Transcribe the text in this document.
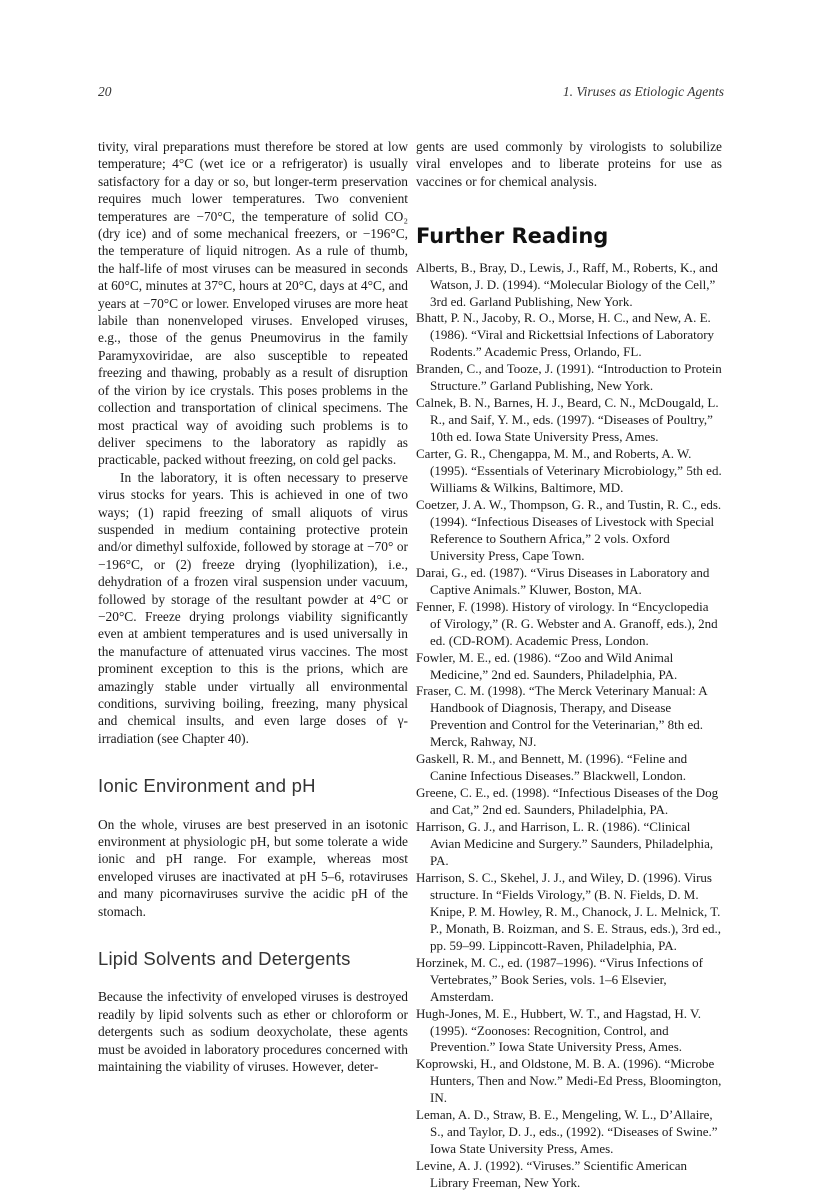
20	1. Viruses as Etiologic Agents

tivity, viral preparations must therefore be stored at low temperature; 4°C (wet ice or a refrigerator) is usually satisfactory for a day or so, but longer-term preservation requires much lower temperatures. Two convenient temperatures are −70°C, the temperature of solid CO₂ (dry ice) and of some mechanical freezers, or −196°C, the temperature of liquid nitrogen. As a rule of thumb, the half-life of most viruses can be measured in seconds at 60°C, minutes at 37°C, hours at 20°C, days at 4°C, and years at −70°C or lower. Enveloped viruses are more heat labile than nonenveloped viruses. Enveloped viruses, e.g., those of the genus Pneumovirus in the family Paramyxoviridae, are also susceptible to repeated freezing and thawing, probably as a result of disruption of the virion by ice crystals. This poses problems in the collection and transportation of clinical specimens. The most practical way of avoiding such problems is to deliver specimens to the laboratory as rapidly as practicable, packed without freezing, on cold gel packs.

In the laboratory, it is often necessary to preserve virus stocks for years. This is achieved in one of two ways; (1) rapid freezing of small aliquots of virus suspended in medium containing protective protein and/or dimethyl sulfoxide, followed by storage at −70° or −196°C, or (2) freeze drying (lyophilization), i.e., dehydration of a frozen viral suspension under vacuum, followed by storage of the resultant powder at 4°C or −20°C. Freeze drying prolongs viability significantly even at ambient temperatures and is used universally in the manufacture of attenuated virus vaccines. The most prominent exception to this is the prions, which are amazingly stable under virtually all environmental conditions, surviving boiling, freezing, many physical and chemical insults, and even large doses of γ-irradiation (see Chapter 40).

Ionic Environment and pH

On the whole, viruses are best preserved in an isotonic environment at physiologic pH, but some tolerate a wide ionic and pH range. For example, whereas most enveloped viruses are inactivated at pH 5–6, rotaviruses and many picornaviruses survive the acidic pH of the stomach.

Lipid Solvents and Detergents

Because the infectivity of enveloped viruses is destroyed readily by lipid solvents such as ether or chloroform or detergents such as sodium deoxycholate, these agents must be avoided in laboratory procedures concerned with maintaining the viability of viruses. However, deter-

gents are used commonly by virologists to solubilize viral envelopes and to liberate proteins for use as vaccines or for chemical analysis.

Further Reading
Alberts, B., Bray, D., Lewis, J., Raff, M., Roberts, K., and Watson, J. D. (1994). “Molecular Biology of the Cell,” 3rd ed. Garland Publishing, New York.
Bhatt, P. N., Jacoby, R. O., Morse, H. C., and New, A. E. (1986). “Viral and Rickettsial Infections of Laboratory Rodents.” Academic Press, Orlando, FL.
Branden, C., and Tooze, J. (1991). “Introduction to Protein Structure.” Garland Publishing, New York.
Calnek, B. N., Barnes, H. J., Beard, C. N., McDougald, L. R., and Saif, Y. M., eds. (1997). “Diseases of Poultry,” 10th ed. Iowa State University Press, Ames.
Carter, G. R., Chengappa, M. M., and Roberts, A. W. (1995). “Essentials of Veterinary Microbiology,” 5th ed. Williams & Wilkins, Baltimore, MD.
Coetzer, J. A. W., Thompson, G. R., and Tustin, R. C., eds. (1994). “Infectious Diseases of Livestock with Special Reference to Southern Africa,” 2 vols. Oxford University Press, Cape Town.
Darai, G., ed. (1987). “Virus Diseases in Laboratory and Captive Animals.” Kluwer, Boston, MA.
Fenner, F. (1998). History of virology. In “Encyclopedia of Virology,” (R. G. Webster and A. Granoff, eds.), 2nd ed. (CD-ROM). Academic Press, London.
Fowler, M. E., ed. (1986). “Zoo and Wild Animal Medicine,” 2nd ed. Saunders, Philadelphia, PA.
Fraser, C. M. (1998). “The Merck Veterinary Manual: A Handbook of Diagnosis, Therapy, and Disease Prevention and Control for the Veterinarian,” 8th ed. Merck, Rahway, NJ.
Gaskell, R. M., and Bennett, M. (1996). “Feline and Canine Infectious Diseases.” Blackwell, London.
Greene, C. E., ed. (1998). “Infectious Diseases of the Dog and Cat,” 2nd ed. Saunders, Philadelphia, PA.
Harrison, G. J., and Harrison, L. R. (1986). “Clinical Avian Medicine and Surgery.” Saunders, Philadelphia, PA.
Harrison, S. C., Skehel, J. J., and Wiley, D. (1996). Virus structure. In “Fields Virology,” (B. N. Fields, D. M. Knipe, P. M. Howley, R. M., Chanock, J. L. Melnick, T. P., Monath, B. Roizman, and S. E. Straus, eds.), 3rd ed., pp. 59–99. Lippincott-Raven, Philadelphia, PA.
Horzinek, M. C., ed. (1987–1996). “Virus Infections of Vertebrates,” Book Series, vols. 1–6 Elsevier, Amsterdam.
Hugh-Jones, M. E., Hubbert, W. T., and Hagstad, H. V. (1995). “Zoonoses: Recognition, Control, and Prevention.” Iowa State University Press, Ames.
Koprowski, H., and Oldstone, M. B. A. (1996). “Microbe Hunters, Then and Now.” Medi-Ed Press, Bloomington, IN.
Leman, A. D., Straw, B. E., Mengeling, W. L., D’Allaire, S., and Taylor, D. J., eds., (1992). “Diseases of Swine.” Iowa State University Press, Ames.
Levine, A. J. (1992). “Viruses.” Scientific American Library Freeman, New York.
